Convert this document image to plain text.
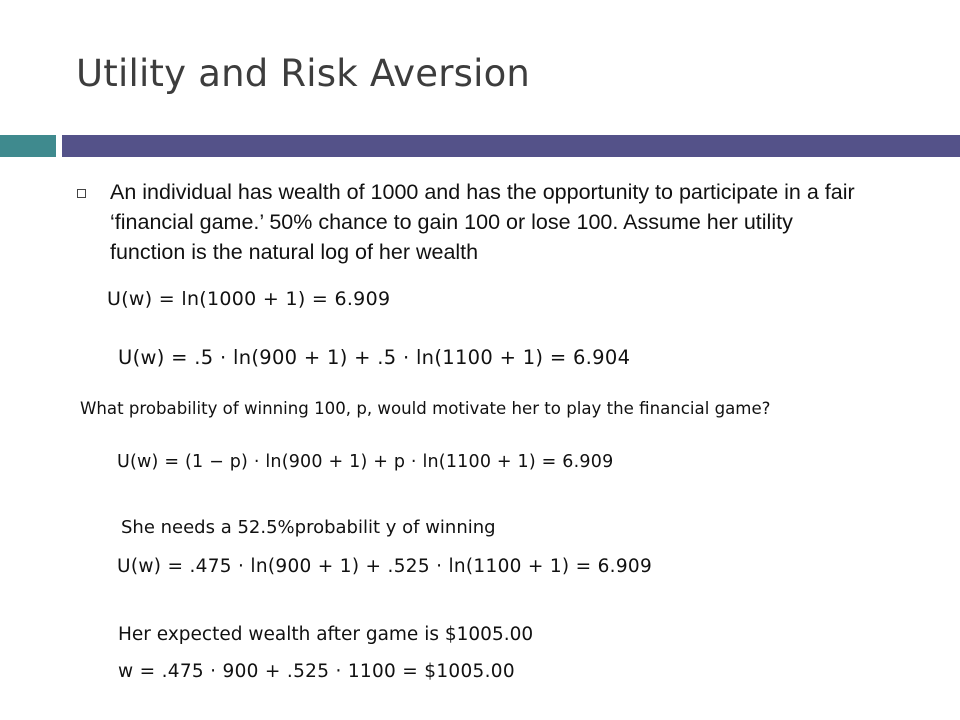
Utility and Risk Aversion
An individual has wealth of 1000 and has the opportunity to participate in a fair ‘financial game.’ 50% chance to gain 100 or lose 100. Assume her utility function is the natural log of her wealth
U(w) = ln(1000 + 1) = 6.909
U(w) = .5 · ln(900 + 1) + .5 · ln(1100 + 1) = 6.904
What probability of winning 100, p, would motivate her to play the financial game?
U(w) = (1 − p) · ln(900 + 1) + p · ln(1100 + 1) = 6.909
She needs a 52.5%probabilit y of winning
U(w) = .475 · ln(900 + 1) + .525 · ln(1100 + 1) = 6.909
Her expected wealth after game is $1005.00
w = .475 · 900 + .525 · 1100 = $1005.00
